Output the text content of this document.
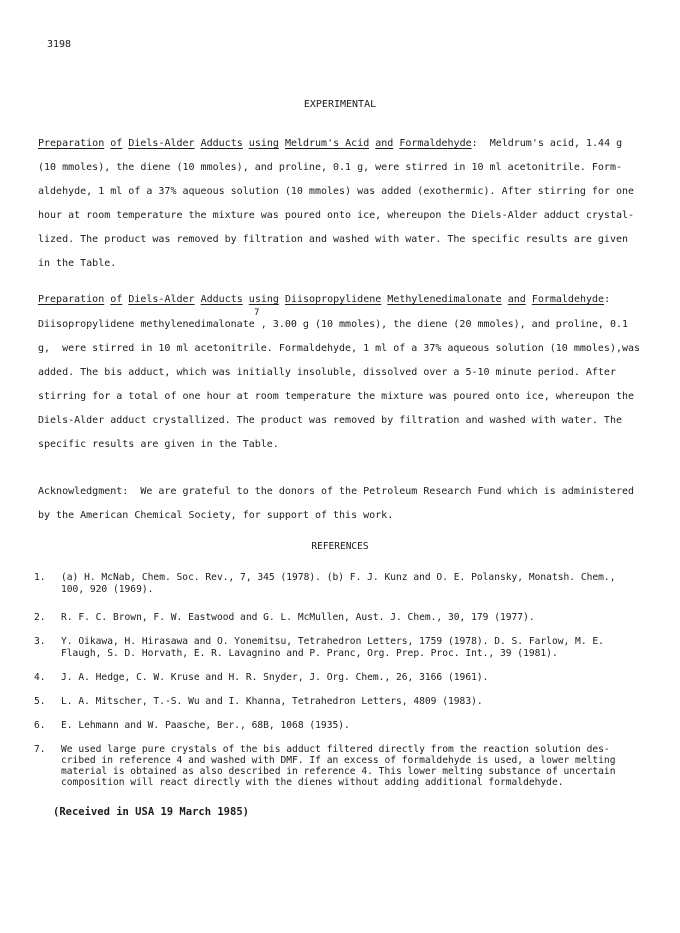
3198
EXPERIMENTAL
Preparation of Diels-Alder Adducts using Meldrum's Acid and Formaldehyde: Meldrum's acid, 1.44 g
(10 mmoles), the diene (10 mmoles), and proline, 0.1 g, were stirred in 10 ml acetonitrile. Form-
aldehyde, 1 ml of a 37% aqueous solution (10 mmoles) was added (exothermic). After stirring for one
hour at room temperature the mixture was poured onto ice, whereupon the Diels-Alder adduct crystal-
lized. The product was removed by filtration and washed with water. The specific results are given
in the Table.
Preparation of Diels-Alder Adducts using Diisopropylidene Methylenedimalonate and Formaldehyde:
7
Diisopropylidene methylenedimalonate , 3.00 g (10 mmoles), the diene (20 mmoles), and proline, 0.1
g,  were stirred in 10 ml acetonitrile. Formaldehyde, 1 ml of a 37% aqueous solution (10 mmoles),was
added. The bis adduct, which was initially insoluble, dissolved over a 5-10 minute period. After
stirring for a total of one hour at room temperature the mixture was poured onto ice, whereupon the
Diels-Alder adduct crystallized. The product was removed by filtration and washed with water. The
specific results are given in the Table.
Acknowledgment:  We are grateful to the donors of the Petroleum Research Fund which is administered
by the American Chemical Society, for support of this work.
REFERENCES
1. (a) H. McNab, Chem. Soc. Rev., 7, 345 (1978). (b) F. J. Kunz and O. E. Polansky, Monatsh. Chem.,
100, 920 (1969).
2. R. F. C. Brown, F. W. Eastwood and G. L. McMullen, Aust. J. Chem., 30, 179 (1977).
3. Y. Oikawa, H. Hirasawa and O. Yonemitsu, Tetrahedron Letters, 1759 (1978). D. S. Farlow, M. E.
Flaugh, S. D. Horvath, E. R. Lavagnino and P. Pranc, Org. Prep. Proc. Int., 39 (1981).
4. J. A. Hedge, C. W. Kruse and H. R. Snyder, J. Org. Chem., 26, 3166 (1961).
5. L. A. Mitscher, T.-S. Wu and I. Khanna, Tetrahedron Letters, 4809 (1983).
6. E. Lehmann and W. Paasche, Ber., 68B, 1068 (1935).
7. We used large pure crystals of the bis adduct filtered directly from the reaction solution des-
cribed in reference 4 and washed with DMF. If an excess of formaldehyde is used, a lower melting
material is obtained as also described in reference 4. This lower melting substance of uncertain
composition will react directly with the dienes without adding additional formaldehyde.
(Received in USA 19 March 1985)
